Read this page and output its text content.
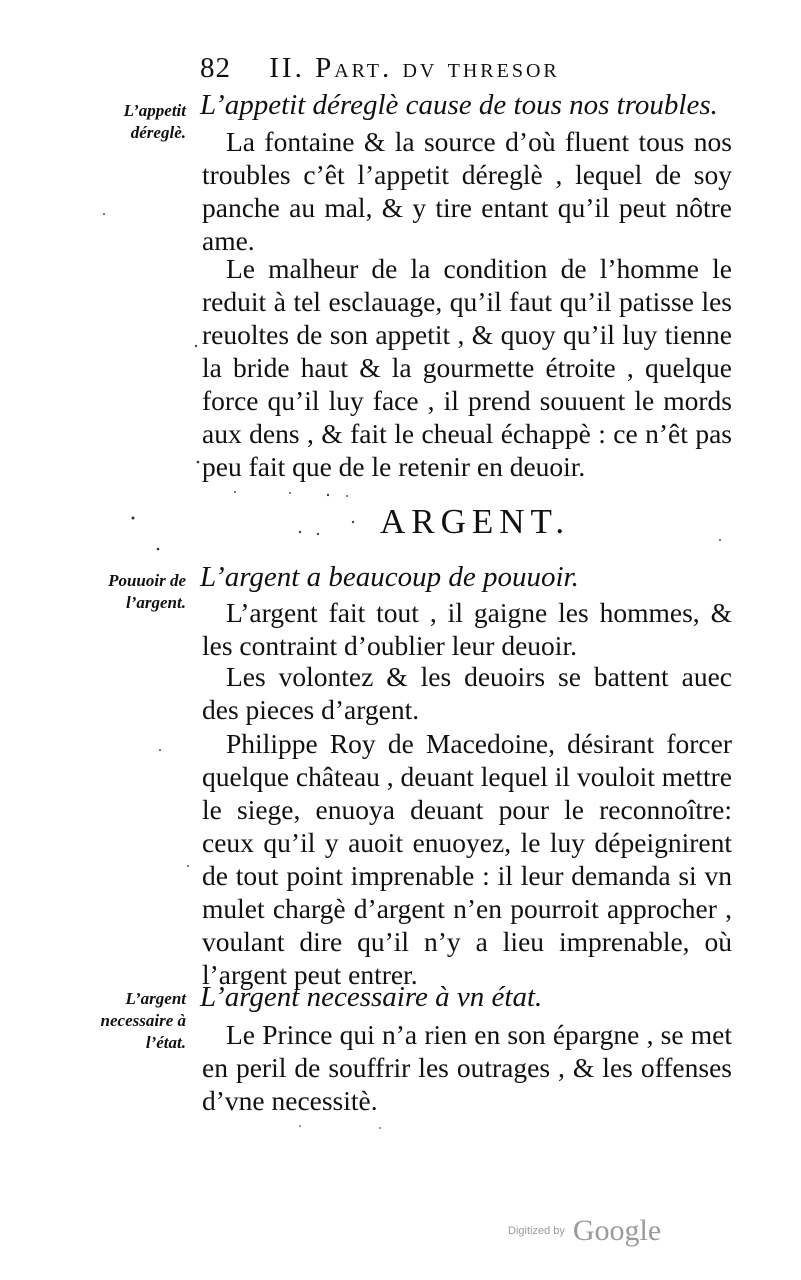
82 II. Part. dv thresor
L’appetit déreglè.
L’appetit déreglè cause de tous nos troubles.
La fontaine & la source d’où fluent tous nos troubles c’êt l’appetit déreglè , lequel de soy panche au mal, & y tire entant qu’il peut nôtre ame.
Le malheur de la condition de l’homme le reduit à tel esclauage, qu’il faut qu’il patisse les reuoltes de son appetit , & quoy qu’il luy tienne la bride haut & la gourmette étroite , quelque force qu’il luy face , il prend souuent le mords aux dens , & fait le cheual échappè : ce n’êt pas peu fait que de le retenir en deuoir.
ARGENT.
Pouuoir de l’argent.
L’argent a beaucoup de pouuoir.
L’argent fait tout , il gaigne les hommes, & les contraint d’oublier leur deuoir.
Les volontez & les deuoirs se battent auec des pieces d’argent.
Philippe Roy de Macedoine, désirant forcer quelque château , deuant lequel il vouloit mettre le siege, enuoya deuant pour le reconnoître: ceux qu’il y auoit enuoyez, le luy dépeignirent de tout point imprenable : il leur demanda si vn mulet chargè d’argent n’en pourroit approcher , voulant dire qu’il n’y a lieu imprenable, où l’argent peut entrer.
L’argent necessaire à l’état.
L’argent necessaire à vn état.
Le Prince qui n’a rien en son épargne , se met en peril de souffrir les outrages , & les offenses d’vne necessitè.
Digitized by Google
